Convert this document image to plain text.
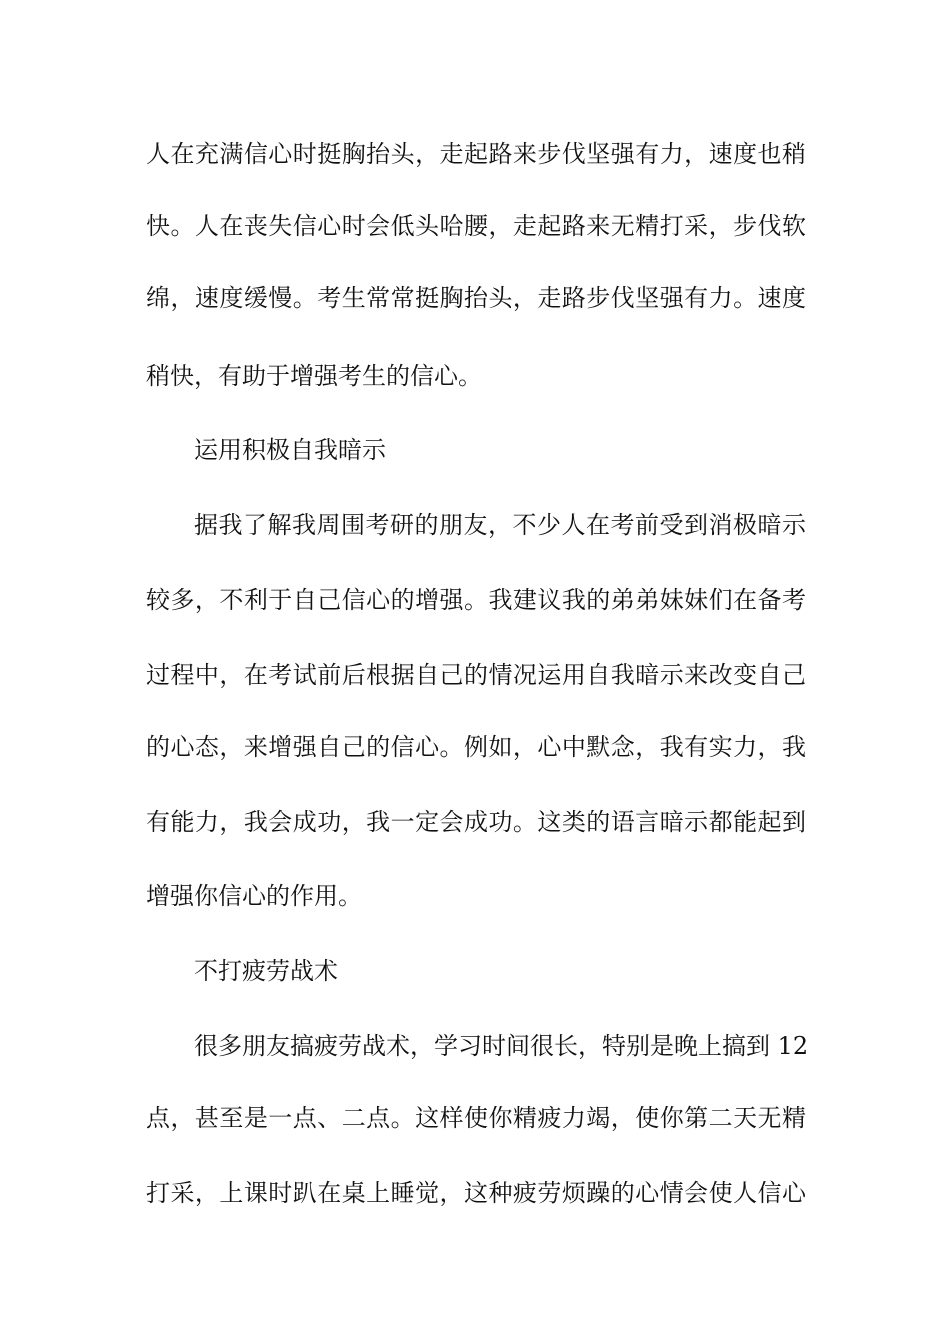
人在充满信心时挺胸抬头，走起路来步伐坚强有力，速度也稍
快。人在丧失信心时会低头哈腰，走起路来无精打采，步伐软
绵，速度缓慢。考生常常挺胸抬头，走路步伐坚强有力。速度
稍快，有助于增强考生的信心。
运用积极自我暗示
据我了解我周围考研的朋友，不少人在考前受到消极暗示
较多，不利于自己信心的增强。我建议我的弟弟妹妹们在备考
过程中，在考试前后根据自己的情况运用自我暗示来改变自己
的心态，来增强自己的信心。例如，心中默念，我有实力，我
有能力，我会成功，我一定会成功。这类的语言暗示都能起到
增强你信心的作用。
不打疲劳战术
很多朋友搞疲劳战术，学习时间很长，特别是晚上搞到 12
点，甚至是一点、二点。这样使你精疲力竭，使你第二天无精
打采，上课时趴在桌上睡觉，这种疲劳烦躁的心情会使人信心
